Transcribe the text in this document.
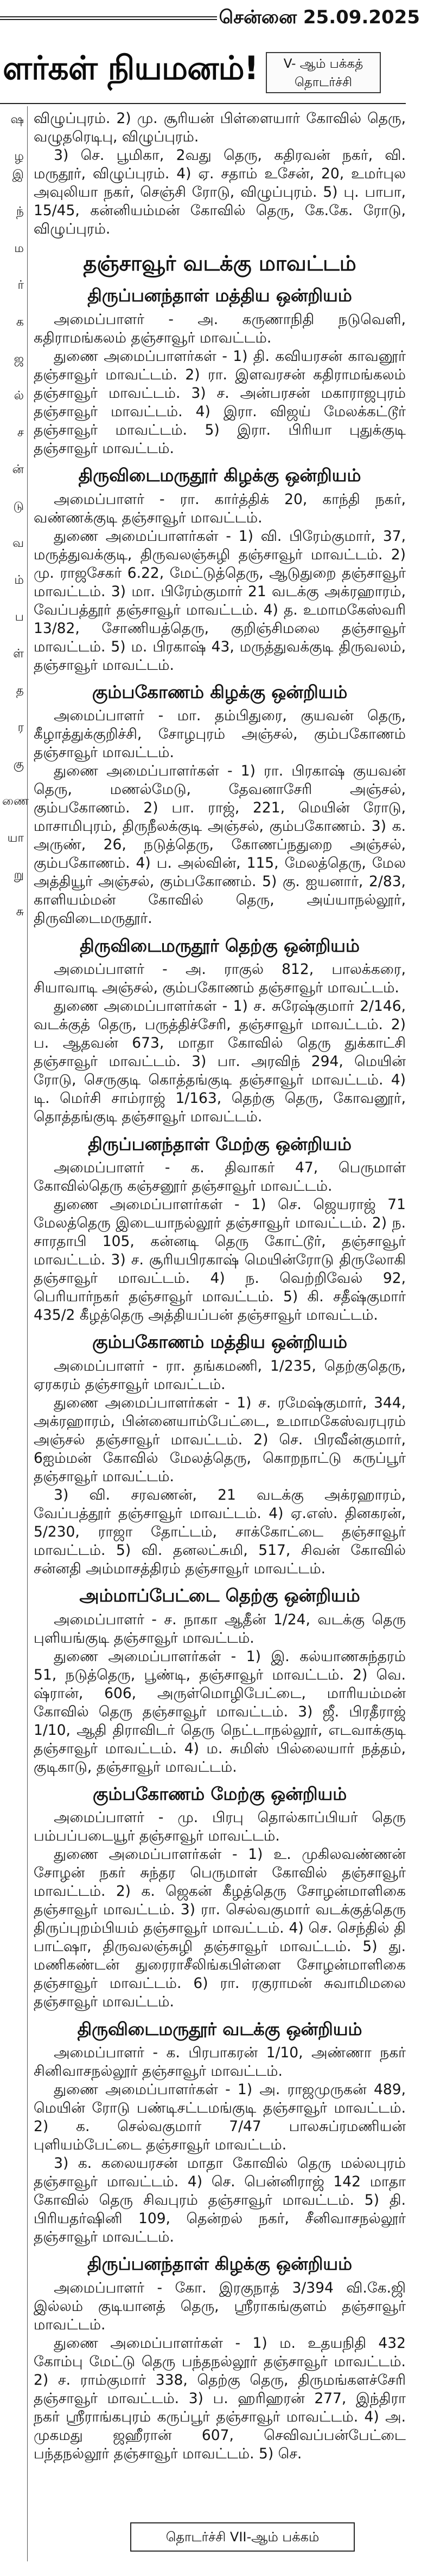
சென்னை 25.09.2025
ளர்கள் நியமனம்!	V- ஆம் பக்கத்
தொடர்ச்சி
ஷ

ழ
இ

ந்

ம

ர்

க

ஜ

ல்

ச

ன்

டு

வ

ம்

ப

ள்

த

ர

கு

ணை

யா

று

சு

விழுப்புரம். 2) மு. சூரியன் பிள்ளையார் கோவில் தெரு, வழுதரெடிபு, விழுப்புரம்.

3) செ. பூமிகா, 2வது தெரு, கதிரவன் நகர், வி. மருதூர், விழுப்புரம். 4) ஏ. சதாம் உசேன், 20, உமர்புல அவுலியா நகர், செஞ்சி ரோடு, விழுப்புரம். 5) பு. பாபா, 15/45, கன்னியம்மன் கோவில் தெரு, கே.கே. ரோடு, விழுப்புரம்.

தஞ்சாவூர் வடக்கு மாவட்டம்
திருப்பனந்தாள் மத்திய ஒன்றியம்

அமைப்பாளர் - அ. கருணாநிதி நடுவெளி, கதிராமங்கலம் தஞ்சாவூர் மாவட்டம்.

துணை அமைப்பாளர்கள் - 1) தி. கவியரசன் காவனூர் தஞ்சாவூர் மாவட்டம். 2) ரா. இளவரசன் கதிராமங்கலம் தஞ்சாவூர் மாவட்டம். 3) ச. அன்பரசன் மகாராஜபுரம் தஞ்சாவூர் மாவட்டம். 4) இரா. விஜய் மேலக்கட்டூர் தஞ்சாவூர் மாவட்டம். 5) இரா. பிரியா புதுக்குடி தஞ்சாவூர் மாவட்டம்.

திருவிடைமருதூர் கிழக்கு ஒன்றியம்

அமைப்பாளர் - ரா. கார்த்திக் 20, காந்தி நகர், வண்ணக்குடி தஞ்சாவூர் மாவட்டம்.

துணை அமைப்பாளர்கள் - 1) வி. பிரேம்குமார், 37, மருத்துவக்குடி, திருவலஞ்சுழி தஞ்சாவூர் மாவட்டம். 2) மு. ராஜசேகர் 6.22, மேட்டுத்தெரு, ஆடுதுறை தஞ்சாவூர் மாவட்டம். 3) மா. பிரேம்குமார் 21 வடக்கு அக்ரஹாரம், வேப்பத்தூர் தஞ்சாவூர் மாவட்டம். 4) த. உமாமகேஸ்வரி 13/82, சோணியத்தெரு, குறிஞ்சிமலை தஞ்சாவூர் மாவட்டம். 5) ம. பிரகாஷ் 43, மருத்துவக்குடி திருவலம், தஞ்சாவூர் மாவட்டம்.

கும்பகோணம் கிழக்கு ஒன்றியம்

அமைப்பாளர் - மா. தம்பிதுரை, குயவன் தெரு, கீழாத்துக்குறிச்சி, சோழபுரம் அஞ்சல், கும்பகோணம் தஞ்சாவூர் மாவட்டம்.

துணை அமைப்பாளர்கள் - 1) ரா. பிரகாஷ் குயவன் தெரு, மணல்மேடு, தேவனாசேரி அஞ்சல், கும்பகோணம். 2) பா. ராஜ், 221, மெயின் ரோடு, மாசாமிபுரம், திருநீலக்குடி அஞ்சல், கும்பகோணம். 3) க. அருண், 26, நடுத்தெரு, கோணப்நதுறை அஞ்சல், கும்பகோணம். 4) ப. அல்வின், 115, மேலத்தெரு, மேல அத்தியூர் அஞ்சல், கும்பகோணம். 5) கு. ஐயனார், 2/83, காளியம்மன் கோவில் தெரு, அய்யாநல்லூர், திருவிடைமருதூர்.

திருவிடைமருதூர் தெற்கு ஒன்றியம்

அமைப்பாளர் - அ. ராகுல் 812, பாலக்கரை, சியாவாடி அஞ்சல், கும்பகோணம் தஞ்சாவூர் மாவட்டம்.

துணை அமைப்பாளர்கள் - 1) ச. சுரேஷ்குமார் 2/146, வடக்குத் தெரு, பருத்திச்சேரி, தஞ்சாவூர் மாவட்டம். 2) ப. ஆதவன் 673, மாதா கோவில் தெரு துக்காட்சி தஞ்சாவூர் மாவட்டம். 3) பா. அரவிந் 294, மெயின் ரோடு, செருகுடி கொத்தங்குடி தஞ்சாவூர் மாவட்டம். 4) டி. மெர்சி சாம்ராஜ் 1/163, தெற்கு தெரு, கோவனூர், தொத்தங்குடி தஞ்சாவூர் மாவட்டம்.

திருப்பனந்தாள் மேற்கு ஒன்றியம்

அமைப்பாளர் - க. திவாகர் 47, பெருமாள் கோவில்தெரு கஞ்சனூர் தஞ்சாவூர் மாவட்டம்.

துணை அமைப்பாளர்கள் - 1) செ. ஜெயராஜ் 71 மேலத்தெரு இடையாநல்லூர் தஞ்சாவூர் மாவட்டம். 2) ந. சாரதாபி 105, கன்னடி தெரு கோட்டூர், தஞ்சாவூர் மாவட்டம். 3) ச. சூரியபிரகாஷ் மெயின்ரோடு திருலோகி தஞ்சாவூர் மாவட்டம். 4) ந. வெற்றிவேல் 92, பெரியார்நகர் தஞ்சாவூர் மாவட்டம். 5) கி. சதீஷ்குமார் 435/2 கீழத்தெரு அத்தியப்பன் தஞ்சாவூர் மாவட்டம்.

கும்பகோணம் மத்திய ஒன்றியம்

அமைப்பாளர் - ரா. தங்கமணி, 1/235, தெற்குதெரு, ஏரகரம் தஞ்சாவூர் மாவட்டம்.

துணை அமைப்பாளர்கள் - 1) ச. ரமேஷ்குமார், 344, அக்ரஹாரம், பின்னையாம்பேட்டை, உமாமகேஸ்வரபுரம் அஞ்சல் தஞ்சாவூர் மாவட்டம். 2) செ. பிரவீன்குமார், 6ஐம்மன் கோவில் மேலத்தெரு, கொறநாட்டு கருப்பூர் தஞ்சாவூர் மாவட்டம்.

3) வி. சரவணன், 21 வடக்கு அக்ரஹாரம், வேப்பத்தூர் தஞ்சாவூர் மாவட்டம். 4) ஏ.எஸ். தினகரன், 5/230, ராஜா தோட்டம், சாக்கோட்டை தஞ்சாவூர் மாவட்டம். 5) வி. தனலட்சுமி, 517, சிவன் கோவில் சன்னதி அம்மாசத்திரம் தஞ்சாவூர் மாவட்டம்.

அம்மாப்பேட்டை தெற்கு ஒன்றியம்

அமைப்பாளர் - ச. நாகா ஆதீன் 1/24, வடக்கு தெரு புளியங்குடி தஞ்சாவூர் மாவட்டம்.

துணை அமைப்பாளர்கள் - 1) இ. கல்யாணசுந்தரம் 51, நடுத்தெரு, பூண்டி, தஞ்சாவூர் மாவட்டம். 2) வெ. ஷ்ரான், 606, அருள்மொழிபேட்டை, மாரியம்மன் கோவில் தெரு தஞ்சாவூர் மாவட்டம். 3) ஜீ. பிரதீராஜ் 1/10, ஆதி திராவிடர் தெரு நெட்டாநல்லூர், எடவாக்குடி தஞ்சாவூர் மாவட்டம். 4) ம. சுமிஸ் பில்லையார் நத்தம், குடிகாடு, தஞ்சாவூர் மாவட்டம்.

கும்பகோணம் மேற்கு ஒன்றியம்

அமைப்பாளர் - மு. பிரபு தொல்காப்பியர் தெரு பம்பப்படையூர் தஞ்சாவூர் மாவட்டம்.

துணை அமைப்பாளர்கள் - 1) உ. முகிலவண்ணன் சோழன் நகர் சுந்தர பெருமாள் கோவில் தஞ்சாவூர் மாவட்டம். 2) க. ஜெகன் கீழத்தெரு சோழன்மாளிகை தஞ்சாவூர் மாவட்டம். 3) ரா. செல்வகுமார் வடக்குத்தெரு திருப்புறம்பியம் தஞ்சாவூர் மாவட்டம். 4) செ. செந்தில் தி பாட்ஷா, திருவலஞ்சுழி தஞ்சாவூர் மாவட்டம். 5) து. மணிகண்டன் துரைராசீலிங்கபிள்ளை சோழன்மாளிகை தஞ்சாவூர் மாவட்டம். 6) ரா. ரகுராமன் சுவாமிமலை தஞ்சாவூர் மாவட்டம்.

திருவிடைமருதூர் வடக்கு ஒன்றியம்

அமைப்பாளர் - க. பிரபாகரன் 1/10, அண்ணா நகர் சினிவாசநல்லூர் தஞ்சாவூர் மாவட்டம்.

துணை அமைப்பாளர்கள் - 1) அ. ராஜமுருகன் 489, மெயின் ரோடு பண்டிசட்டமங்குடி தஞ்சாவூர் மாவட்டம். 2) க. செல்வகுமார் 7/47 பாலசுப்ரமணியன் புளியம்பேட்டை தஞ்சாவூர் மாவட்டம்.

3) க. கலையரசன் மாதா கோவில் தெரு மல்லபுரம் தஞ்சாவூர் மாவட்டம். 4) செ. பென்னிராஜ் 142 மாதா கோவில் தெரு சிவபுரம் தஞ்சாவூர் மாவட்டம். 5) தி. பிரியதர்ஷினி 109, தென்றல் நகர், சீனிவாசநல்லூர் தஞ்சாவூர் மாவட்டம்.

திருப்பனந்தாள் கிழக்கு ஒன்றியம்

அமைப்பாளர் - கோ. இரகுநாத் 3/394 வி.கே.ஜி இல்லம் குடியானத் தெரு, ஸ்ரீராகங்குளம் தஞ்சாவூர் மாவட்டம்.

துணை அமைப்பாளர்கள் - 1) ம. உதயநிதி 432 கோம்பு மேட்டு தெரு பந்தநல்லூர் தஞ்சாவூர் மாவட்டம். 2) ச. ராம்குமார் 338, தெற்கு தெரு, திருமங்களச்சேரி தஞ்சாவூர் மாவட்டம். 3) ப. ஹரிஹரன் 277, இந்திரா நகர் ஸ்ரீராங்கபுரம் கருப்பூர் தஞ்சாவூர் மாவட்டம். 4) அ. முகமது ஜஹீரான் 607, செவிவப்பன்பேட்டை பந்தநல்லூர் தஞ்சாவூர் மாவட்டம். 5) செ.

தொடர்ச்சி VII-ஆம் பக்கம்
